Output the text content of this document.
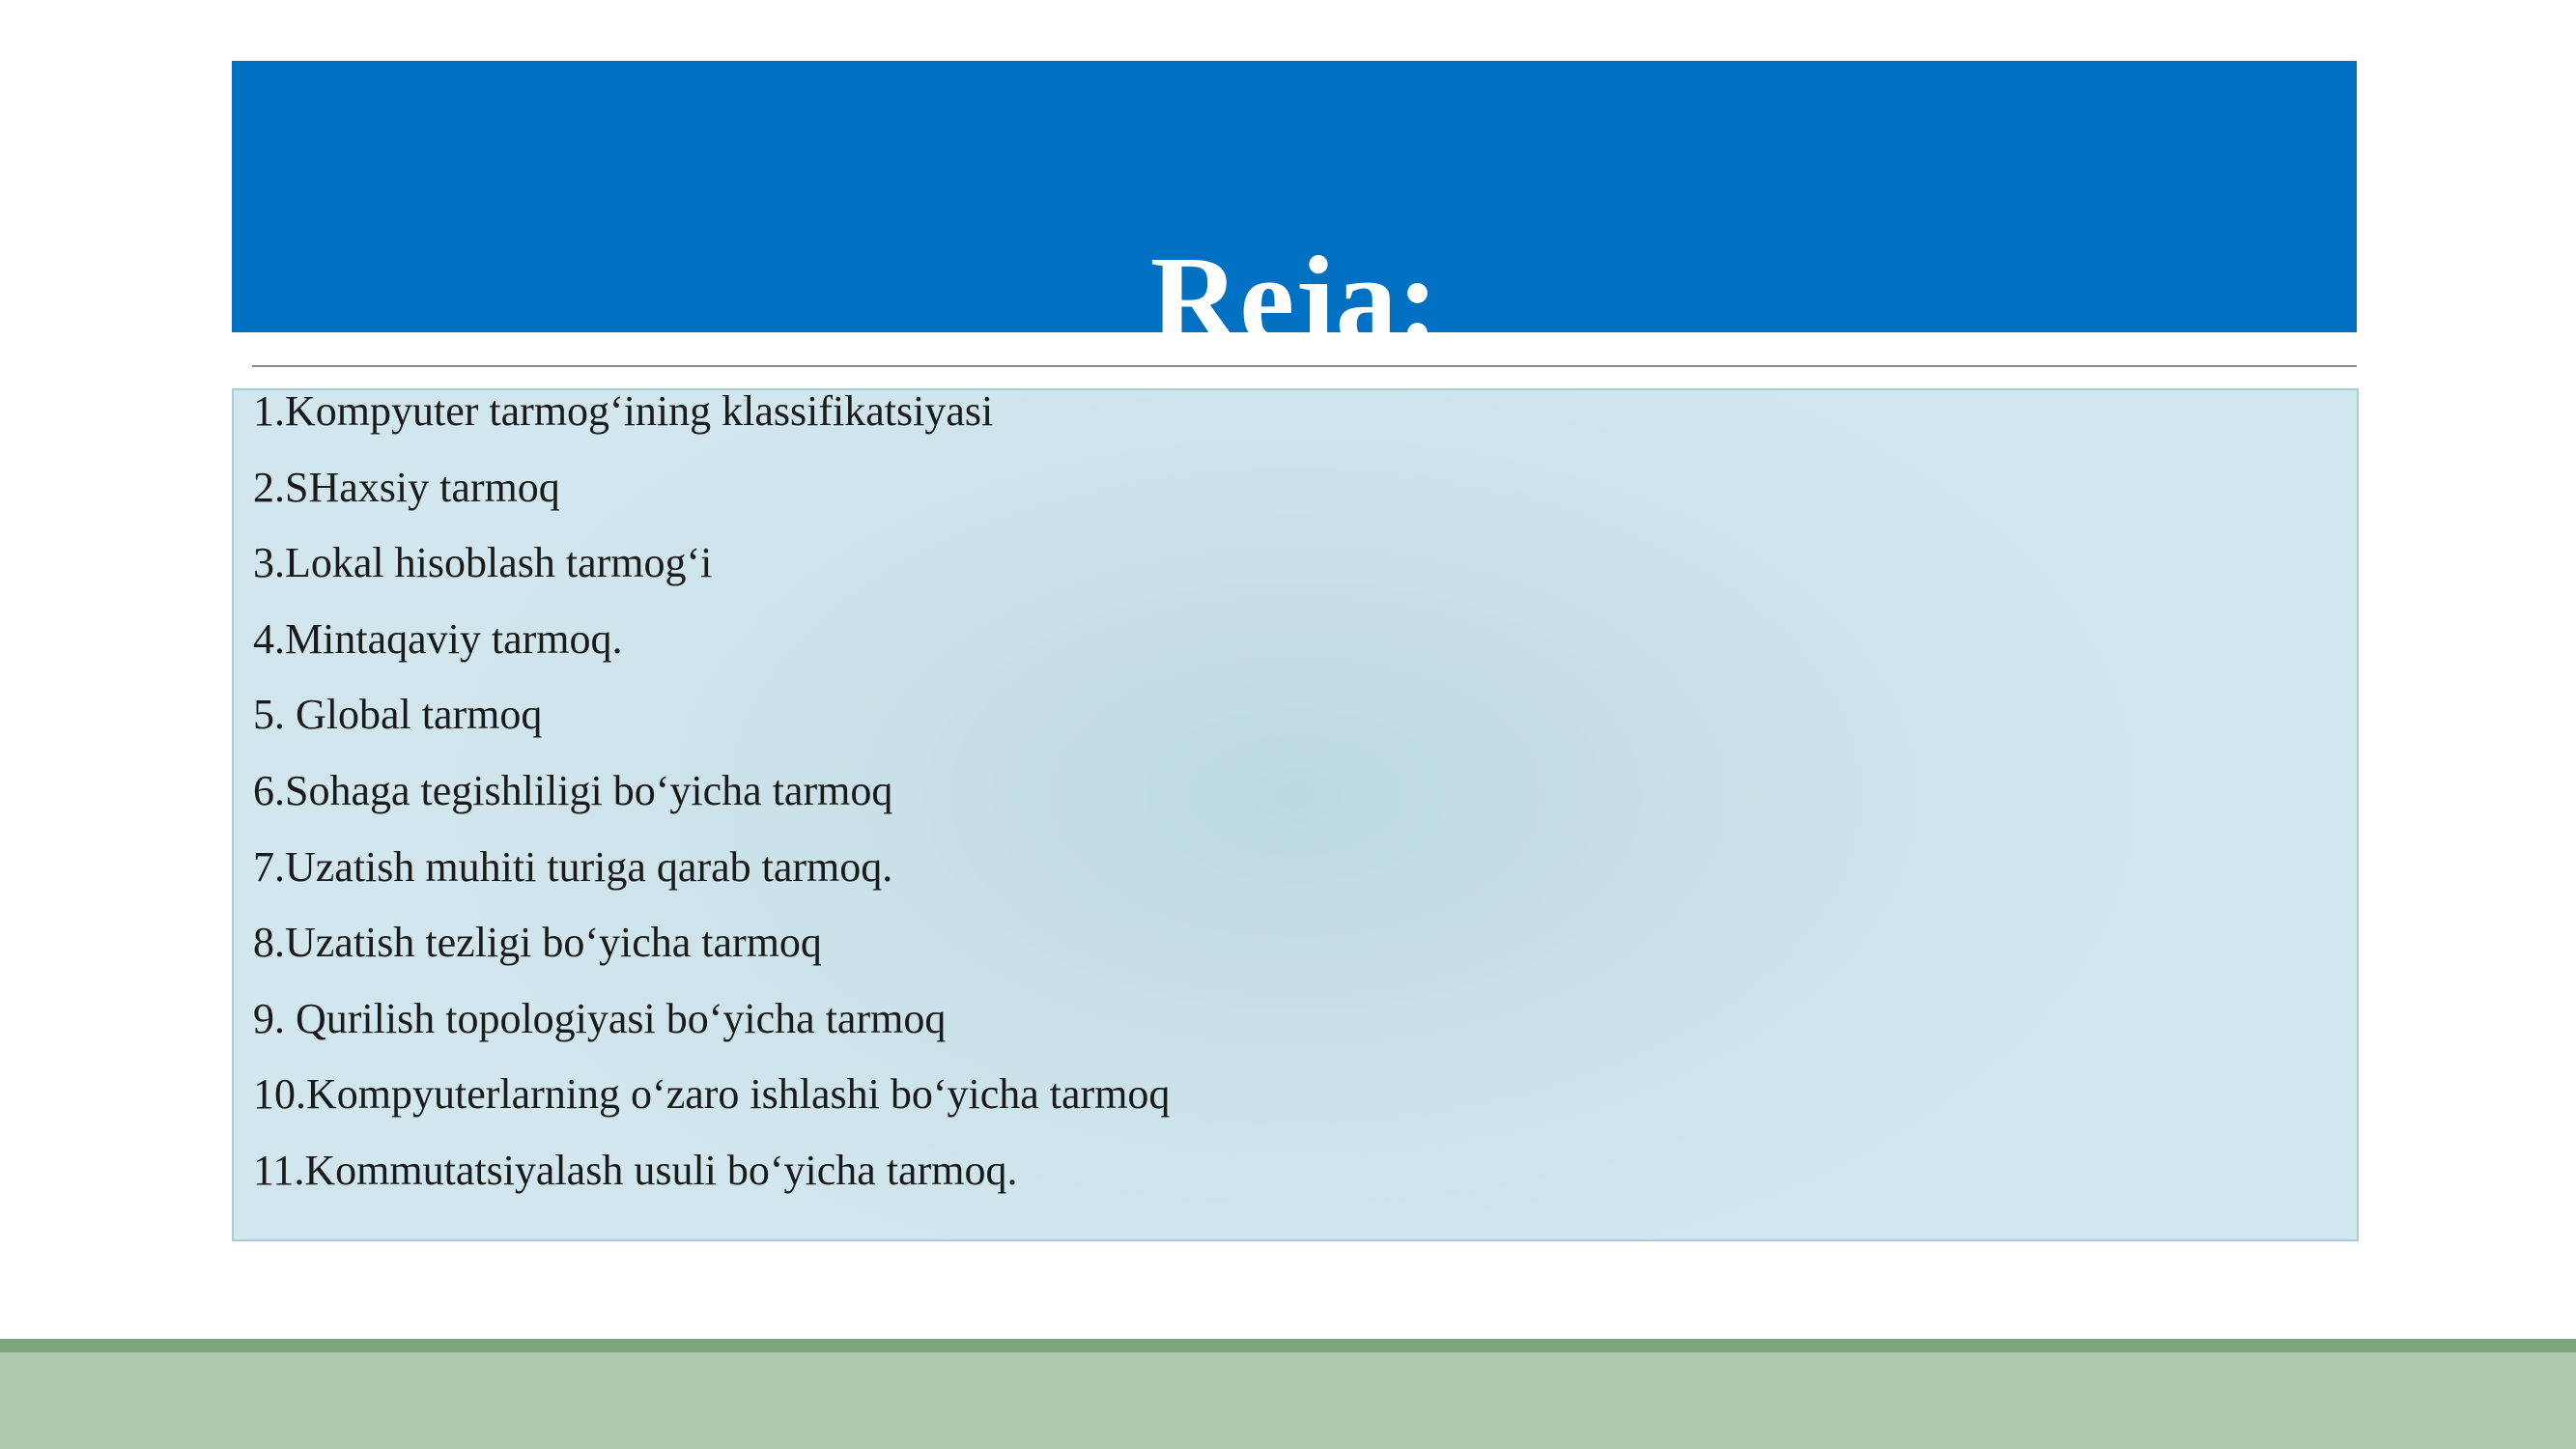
Reja:
1.Kompyuter tarmog‘ining klassifikatsiyasi
2.SHaxsiy tarmoq
3.Lokal hisoblash tarmog‘i
4.Mintaqaviy tarmoq.
5. Global tarmoq
6.Sohaga tegishliligi bo‘yicha tarmoq
7.Uzatish muhiti turiga qarab tarmoq.
8.Uzatish tezligi bo‘yicha tarmoq
9. Qurilish topologiyasi bo‘yicha tarmoq
10.Kompyuterlarning o‘zaro ishlashi bo‘yicha tarmoq
11.Kommutatsiyalash usuli bo‘yicha tarmoq.
